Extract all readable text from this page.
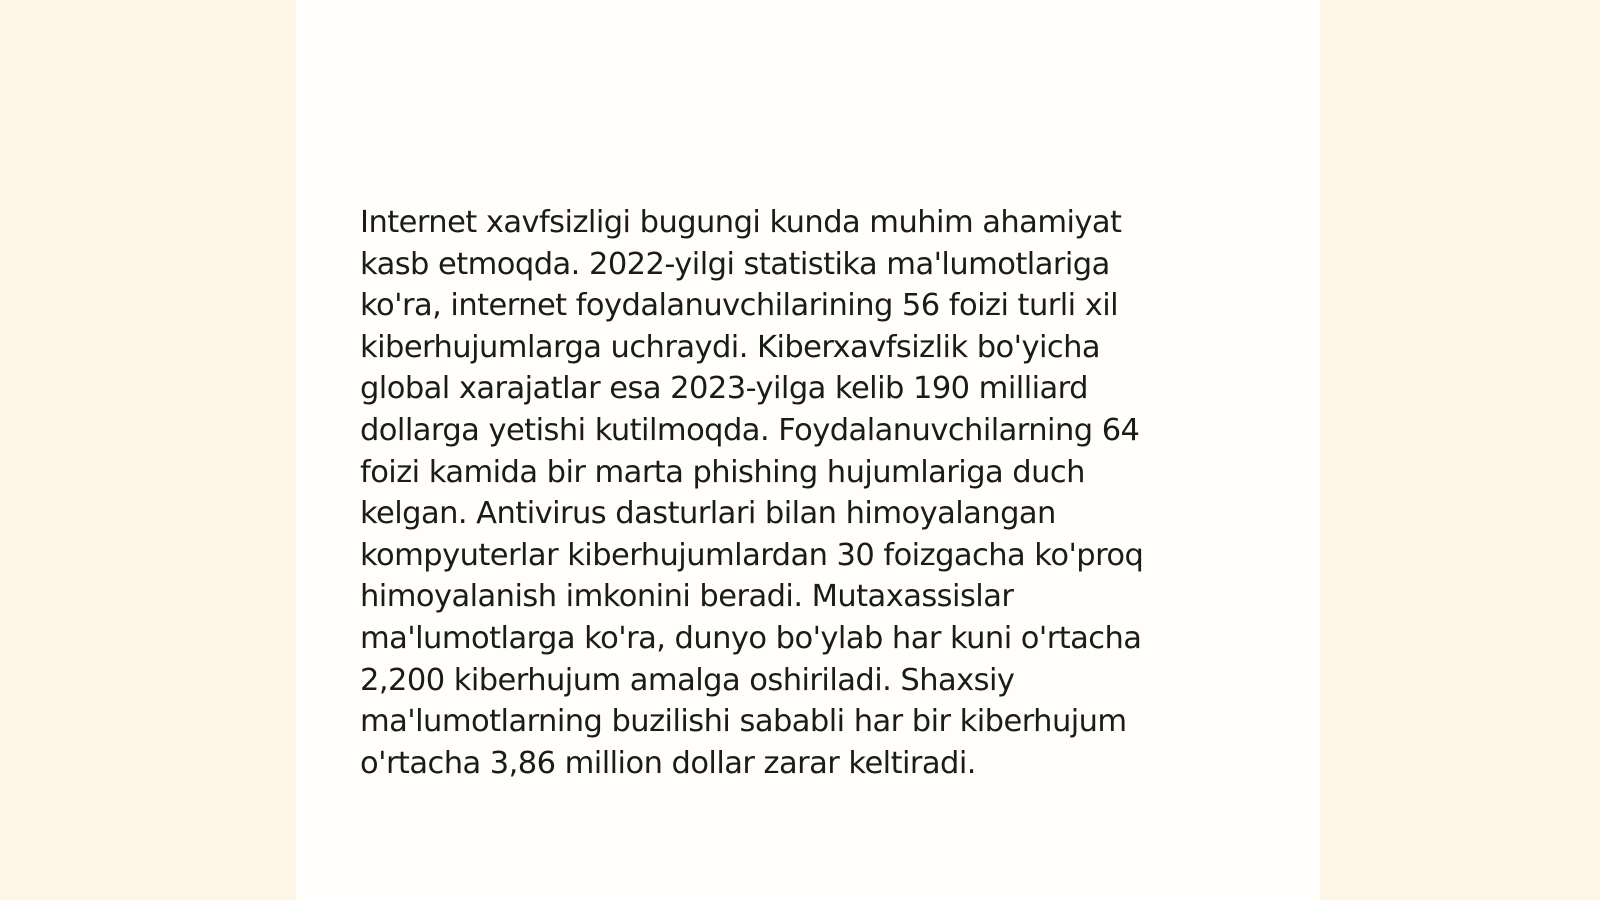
Internet xavfsizligi bugungi kunda muhim ahamiyat
kasb etmoqda. 2022-yilgi statistika ma'lumotlariga
ko'ra, internet foydalanuvchilarining 56 foizi turli xil
kiberhujumlarga uchraydi. Kiberxavfsizlik bo'yicha
global xarajatlar esa 2023-yilga kelib 190 milliard
dollarga yetishi kutilmoqda. Foydalanuvchilarning 64
foizi kamida bir marta phishing hujumlariga duch
kelgan. Antivirus dasturlari bilan himoyalangan
kompyuterlar kiberhujumlardan 30 foizgacha ko'proq
himoyalanish imkonini beradi. Mutaxassislar
ma'lumotlarga ko'ra, dunyo bo'ylab har kuni o'rtacha
2,200 kiberhujum amalga oshiriladi. Shaxsiy
ma'lumotlarning buzilishi sababli har bir kiberhujum
o'rtacha 3,86 million dollar zarar keltiradi.
